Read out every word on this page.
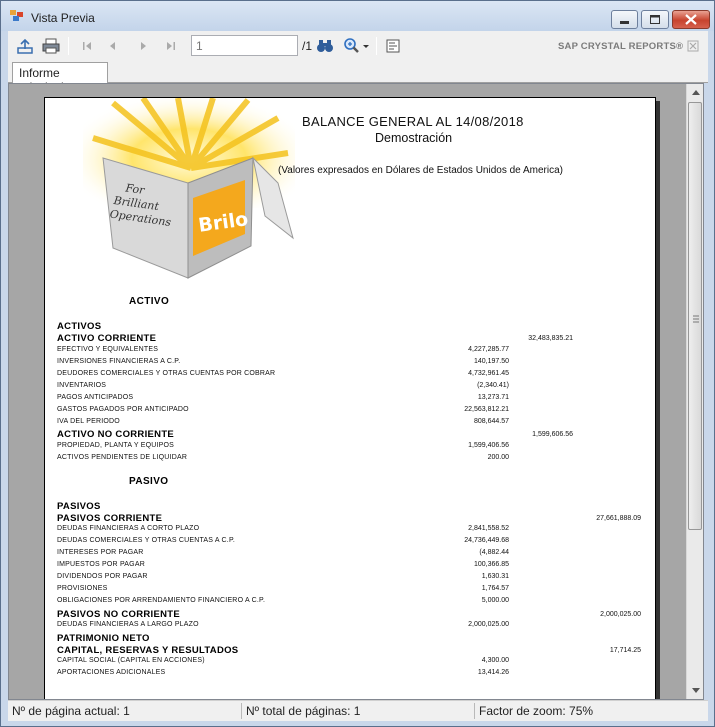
Vista Previa
1
/1	SAP CRYSTAL REPORTS®
Informe
Brilo
For
Brilliant
Operations
BALANCE GENERAL AL 14/08/2018
Demostración
(Valores expresados en Dólares de Estados Unidos de America)
ACTIVO
ACTIVOS
ACTIVO CORRIENTE	32,483,835.21
EFECTIVO Y EQUIVALENTES	4,227,285.77
INVERSIONES FINANCIERAS A C.P.	140,197.50
DEUDORES COMERCIALES Y OTRAS CUENTAS POR COBRAR	4,732,961.45
INVENTARIOS	(2,340.41)
PAGOS ANTICIPADOS	13,273.71
GASTOS PAGADOS POR ANTICIPADO	22,563,812.21
IVA DEL PERIODO	808,644.57
ACTIVO NO CORRIENTE	1,599,606.56
PROPIEDAD, PLANTA Y EQUIPOS	1,599,406.56
ACTIVOS PENDIENTES DE LIQUIDAR	200.00
PASIVO
PASIVOS
PASIVOS CORRIENTE	27,661,888.09
DEUDAS FINANCIERAS A CORTO PLAZO	2,841,558.52
DEUDAS COMERCIALES Y OTRAS CUENTAS A C.P.	24,736,449.68
INTERESES POR PAGAR	(4,882.44
IMPUESTOS POR PAGAR	100,366.85
DIVIDENDOS POR PAGAR	1,630.31
PROVISIONES	1,764.57
OBLIGACIONES POR ARRENDAMIENTO FINANCIERO A C.P.	5,000.00
PASIVOS NO CORRIENTE	2,000,025.00
DEUDAS FINANCIERAS A LARGO PLAZO	2,000,025.00
PATRIMONIO NETO
CAPITAL, RESERVAS Y RESULTADOS	17,714.25
CAPITAL SOCIAL (CAPITAL EN ACCIONES)	4,300.00
APORTACIONES ADICIONALES	13,414.26
Nº de página actual: 1	Nº total de páginas: 1	Factor de zoom: 75%
